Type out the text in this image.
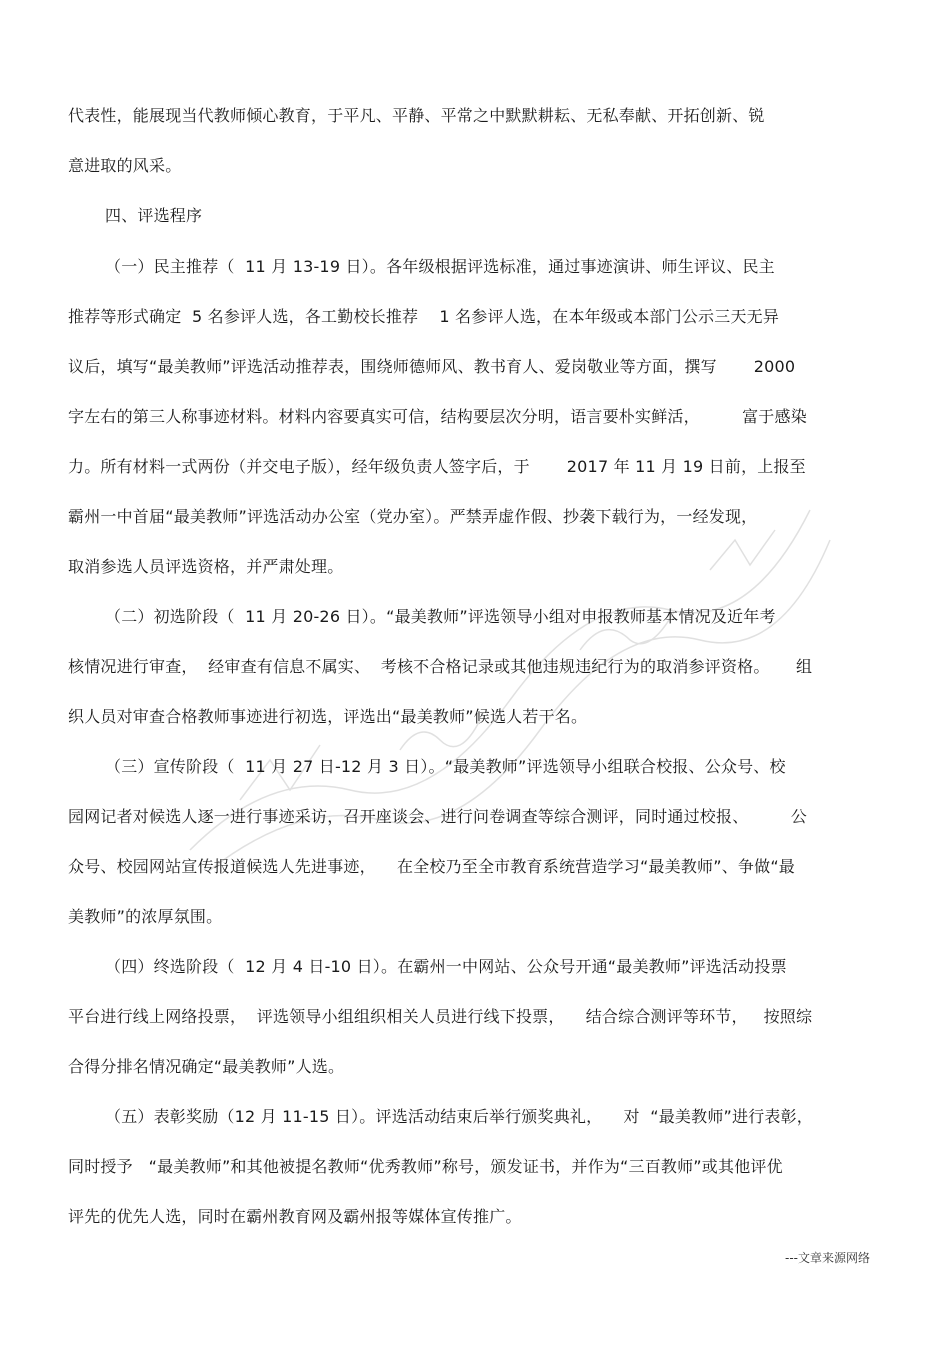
代表性，能展现当代教师倾心教育，于平凡、平静、平常之中默默耕耘、无私奉献、开拓创新、锐
意进取的风采。
四、评选程序
（一）民主推荐（  11 月 13-19 日）。各年级根据评选标准，通过事迹演讲、师生评议、民主
推荐等形式确定  5 名参评人选，各工勤校长推荐    1 名参评人选，在本年级或本部门公示三天无异
议后，填写“最美教师”评选活动推荐表，围绕师德师风、教书育人、爱岗敬业等方面，撰写       2000
字左右的第三人称事迹材料。材料内容要真实可信，结构要层次分明，语言要朴实鲜活，        富于感染
力。所有材料一式两份（并交电子版），经年级负责人签字后，于       2017 年 11 月 19 日前，上报至
霸州一中首届“最美教师”评选活动办公室（党办室）。严禁弄虚作假、抄袭下载行为，一经发现，
取消参选人员评选资格，并严肃处理。
（二）初选阶段（  11 月 20-26 日）。“最美教师”评选领导小组对申报教师基本情况及近年考
核情况进行审查，  经审查有信息不属实、  考核不合格记录或其他违规违纪行为的取消参评资格。     组
织人员对审查合格教师事迹进行初选，评选出“最美教师”候选人若干名。
（三）宣传阶段（  11 月 27 日-12 月 3 日）。“最美教师”评选领导小组联合校报、公众号、校
园网记者对候选人逐一进行事迹采访，召开座谈会、进行问卷调查等综合测评，同时通过校报、        公
众号、校园网站宣传报道候选人先进事迹，    在全校乃至全市教育系统营造学习“最美教师”、争做“最
美教师”的浓厚氛围。
（四）终选阶段（  12 月 4 日-10 日）。在霸州一中网站、公众号开通“最美教师”评选活动投票
平台进行线上网络投票，  评选领导小组组织相关人员进行线下投票，    结合综合测评等环节，   按照综
合得分排名情况确定“最美教师”人选。
（五）表彰奖励（12 月 11-15 日）。评选活动结束后举行颁奖典礼，    对  “最美教师”进行表彰，
同时授予   “最美教师”和其他被提名教师“优秀教师”称号，颁发证书，并作为“三百教师”或其他评优
评先的优先人选，同时在霸州教育网及霸州报等媒体宣传推广。
---文章来源网络
